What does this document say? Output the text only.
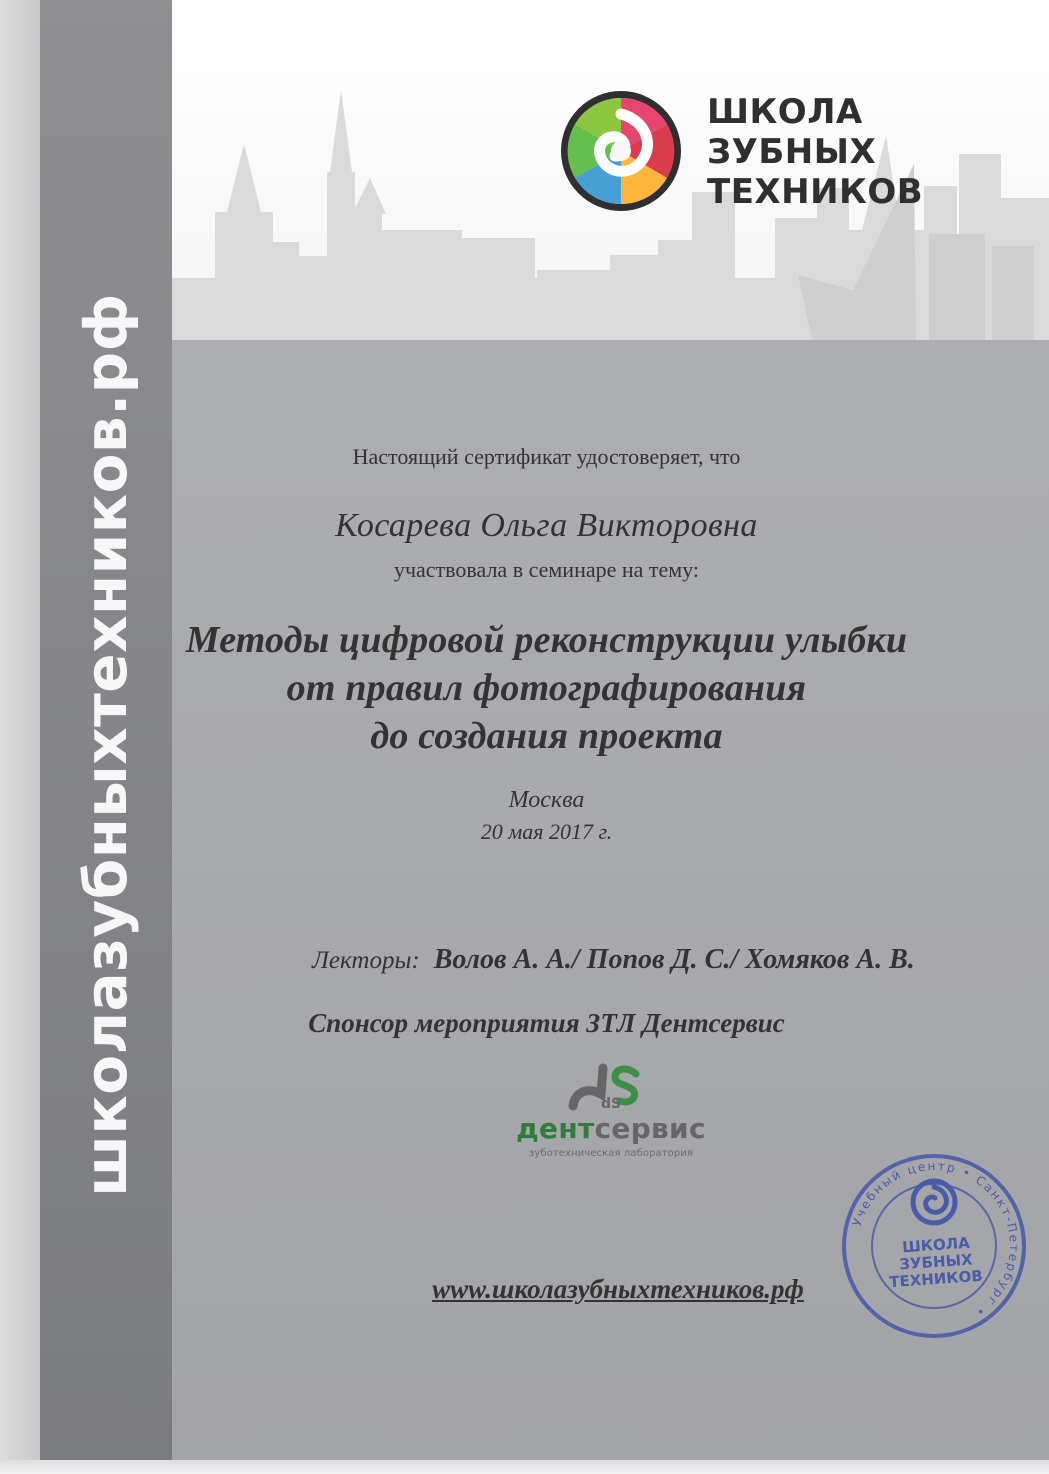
школазубныхтехников.рф
ШКОЛА
ЗУБНЫХ
ТЕХНИКОВ
Настоящий сертификат удостоверяет, что
Косарева Ольга Викторовна
участвовала в семинаре на тему:
Методы цифровой реконструкции улыбки
от правил фотографирования
до создания проекта
Москва
20 мая 2017 г.
Лекторы: Волов А. А./ Попов Д. С./ Хомяков А. В.
Спонсор мероприятия ЗТЛ Дентсервис
dS
дентсервис
зуботехническая лаборатория
www.школазубныхтехников.рф
Учебный центр • Санкт-Петербург •
ШКОЛА
ЗУБНЫХ
ТЕХНИКОВ
